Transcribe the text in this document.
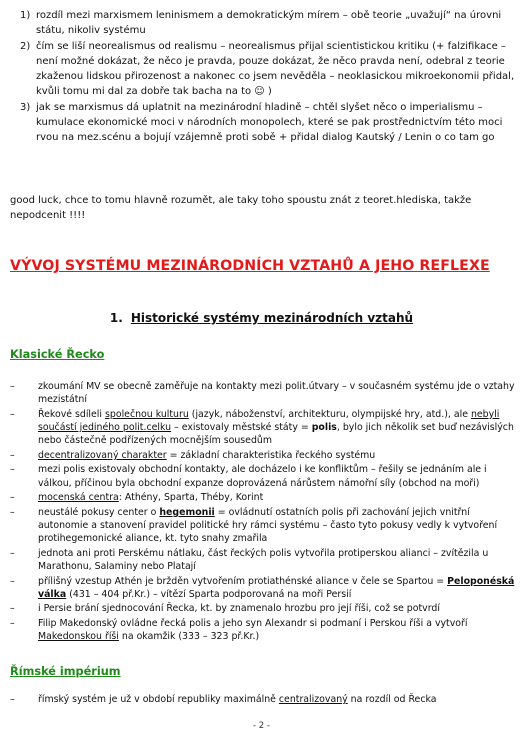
1) rozdíl mezi marxismem leninismem a demokratickým mírem – obě teorie „uvažují“ na úrovni státu, nikoliv systému
2) čím se liší neorealismus od realismu – neorealismus přijal scientistickou kritiku (+ falzifikace – není možné dokázat, že něco je pravda, pouze dokázat, že něco pravda není, odebral z teorie zkaženou lidskou přirozenost a nakonec co jsem nevěděla – neoklasickou mikroekonomii přidal, kvůli tomu mi dal za dobře tak bacha na to ☺ )
3) jak se marxismus dá uplatnit na mezinárodní hladině – chtěl slyšet něco o imperialismu – kumulace ekonomické moci v národních monopolech, které se pak prostřednictvím této moci rvou na mez.scénu a bojují vzájemně proti sobě + přidal dialog Kautský / Lenin o co tam go
good luck, chce to tomu hlavně rozumět, ale taky toho spoustu znát z teoret.hlediska, takže nepodcenit !!!!
VÝVOJ SYSTÉMU MEZINÁRODNÍCH VZTAHŮ A JEHO REFLEXE
1. Historické systémy mezinárodních vztahů
Klasické Řecko
– zkoumání MV se obecně zaměřuje na kontakty mezi polit.útvary – v současném systému jde o vztahy mezistátní
– Řekové sdíleli společnou kulturu (jazyk, náboženství, architekturu, olympijské hry, atd.), ale nebyli součástí jediného polit.celku – existovaly městské státy = polis, bylo jich několik set buď nezávislých nebo částečně podřízených mocnějším sousedům
– decentralizovaný charakter = základní charakteristika řeckého systému
– mezi polis existovaly obchodní kontakty, ale docházelo i ke konfliktům – řešily se jednáním ale i válkou, příčinou byla obchodní expanze doprovázená nárůstem námořní síly (obchod na moři)
– mocenská centra: Athény, Sparta, Théby, Korint
– neustálé pokusy center o hegemonii = ovládnutí ostatních polis při zachování jejich vnitřní autonomie a stanovení pravidel politické hry rámci systému – často tyto pokusy vedly k vytvoření protihegemonické aliance, kt. tyto snahy zmařila
– jednota ani proti Perskému nátlaku, část řeckých polis vytvořila protiperskou alianci – zvítězila u Marathonu, Salaminy nebo Platají
– přílišný vzestup Athén je bržděn vytvořením protiathénské aliance v čele se Spartou = Peloponéská válka (431 – 404 př.Kr.) – vítězí Sparta podporovaná na moři Persií
– i Persie brání sjednocování Řecka, kt. by znamenalo hrozbu pro její říši, což se potvrdí
– Filip Makedonský ovládne řecká polis a jeho syn Alexandr si podmaní i Perskou říši a vytvoří Makedonskou říši na okamžik (333 – 323 př.Kr.)
Římské impérium
– římský systém je už v období republiky maximálně centralizovaný na rozdíl od Řecka
- 2 -
